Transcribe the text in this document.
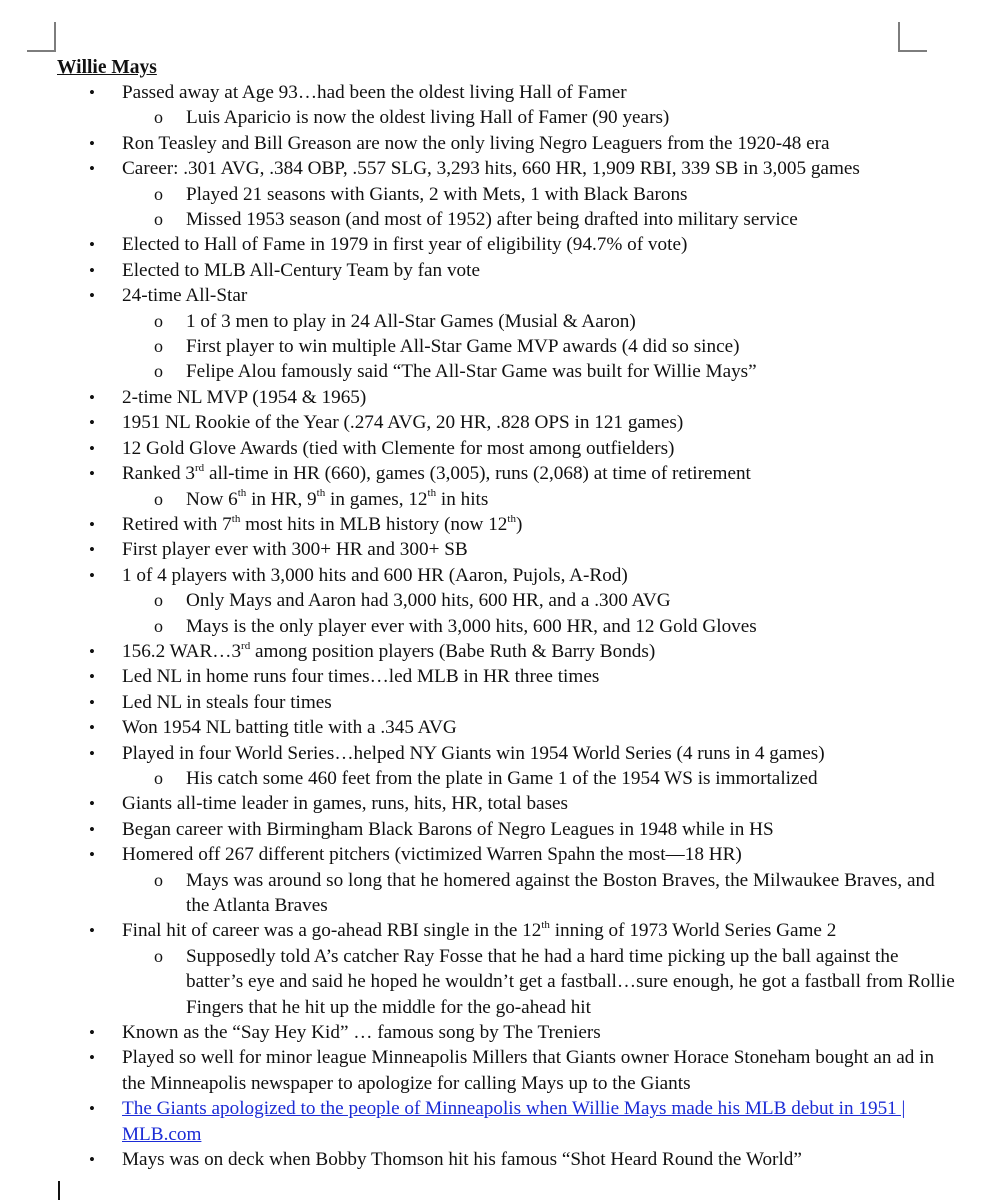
Willie Mays
• Passed away at Age 93…had been the oldest living Hall of Famer
o Luis Aparicio is now the oldest living Hall of Famer (90 years)
• Ron Teasley and Bill Greason are now the only living Negro Leaguers from the 1920-48 era
• Career: .301 AVG, .384 OBP, .557 SLG, 3,293 hits, 660 HR, 1,909 RBI, 339 SB in 3,005 games
o Played 21 seasons with Giants, 2 with Mets, 1 with Black Barons
o Missed 1953 season (and most of 1952) after being drafted into military service
• Elected to Hall of Fame in 1979 in first year of eligibility (94.7% of vote)
• Elected to MLB All-Century Team by fan vote
• 24-time All-Star
o 1 of 3 men to play in 24 All-Star Games (Musial & Aaron)
o First player to win multiple All-Star Game MVP awards (4 did so since)
o Felipe Alou famously said “The All-Star Game was built for Willie Mays”
• 2-time NL MVP (1954 & 1965)
• 1951 NL Rookie of the Year (.274 AVG, 20 HR, .828 OPS in 121 games)
• 12 Gold Glove Awards (tied with Clemente for most among outfielders)
• Ranked 3rd all-time in HR (660), games (3,005), runs (2,068) at time of retirement
o Now 6th in HR, 9th in games, 12th in hits
• Retired with 7th most hits in MLB history (now 12th)
• First player ever with 300+ HR and 300+ SB
• 1 of 4 players with 3,000 hits and 600 HR (Aaron, Pujols, A-Rod)
o Only Mays and Aaron had 3,000 hits, 600 HR, and a .300 AVG
o Mays is the only player ever with 3,000 hits, 600 HR, and 12 Gold Gloves
• 156.2 WAR…3rd among position players (Babe Ruth & Barry Bonds)
• Led NL in home runs four times…led MLB in HR three times
• Led NL in steals four times
• Won 1954 NL batting title with a .345 AVG
• Played in four World Series…helped NY Giants win 1954 World Series (4 runs in 4 games)
o His catch some 460 feet from the plate in Game 1 of the 1954 WS is immortalized
• Giants all-time leader in games, runs, hits, HR, total bases
• Began career with Birmingham Black Barons of Negro Leagues in 1948 while in HS
• Homered off 267 different pitchers (victimized Warren Spahn the most—18 HR)
o Mays was around so long that he homered against the Boston Braves, the Milwaukee Braves, and the Atlanta Braves
• Final hit of career was a go-ahead RBI single in the 12th inning of 1973 World Series Game 2
o Supposedly told A’s catcher Ray Fosse that he had a hard time picking up the ball against the batter’s eye and said he hoped he wouldn’t get a fastball…sure enough, he got a fastball from Rollie Fingers that he hit up the middle for the go-ahead hit
• Known as the “Say Hey Kid” … famous song by The Treniers
• Played so well for minor league Minneapolis Millers that Giants owner Horace Stoneham bought an ad in the Minneapolis newspaper to apologize for calling Mays up to the Giants
• The Giants apologized to the people of Minneapolis when Willie Mays made his MLB debut in 1951 | MLB.com
• Mays was on deck when Bobby Thomson hit his famous “Shot Heard Round the World”
